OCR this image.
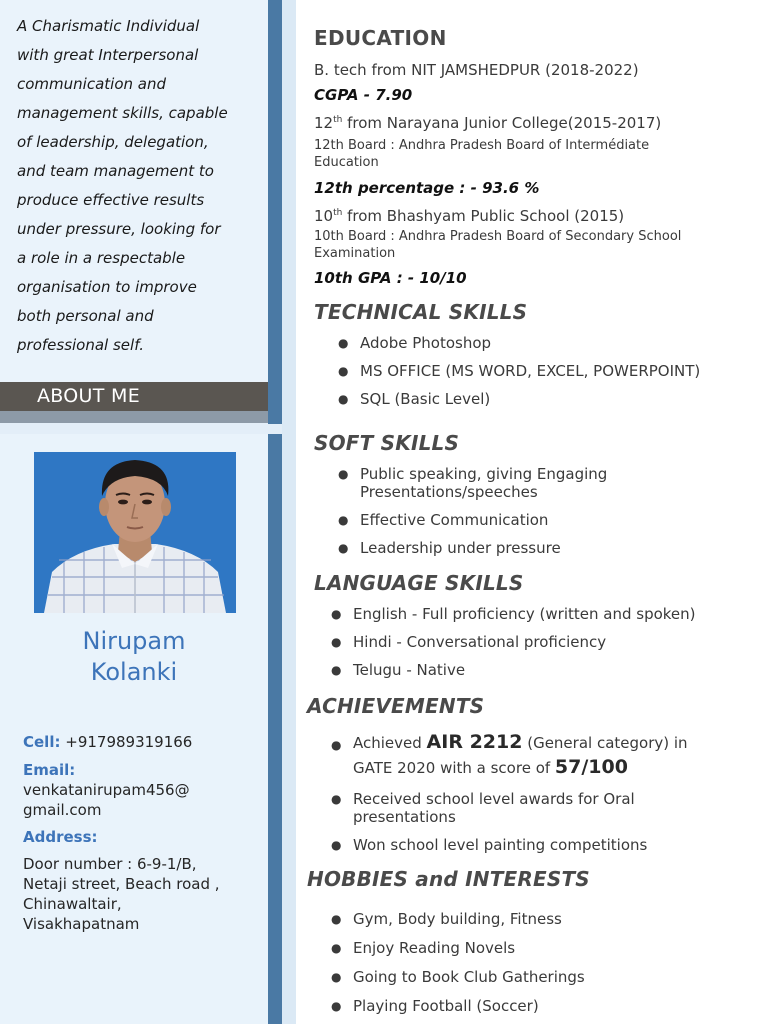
A Charismatic Individual
with great Interpersonal
communication and
management skills, capable
of leadership, delegation,
and team management to
produce effective results
under pressure, looking for
a role in a respectable
organisation to improve
both personal and
professional self.
ABOUT ME
Nirupam
Kolanki
Cell: +917989319166
Email:
venkatanirupam456@
gmail.com
Address:
Door number : 6-9-1/B,
Netaji street, Beach road ,
Chinawaltair,
Visakhapatnam
EDUCATION
B. tech from NIT JAMSHEDPUR (2018-2022)
CGPA - 7.90
12th from Narayana Junior College(2015-2017)
12th Board : Andhra Pradesh Board of Intermédiate
Education
12th percentage : - 93.6 %
10th from Bhashyam Public School (2015)
10th Board : Andhra Pradesh Board of Secondary School
Examination
10th GPA : - 10/10
TECHNICAL SKILLS
● Adobe Photoshop
● MS OFFICE (MS WORD, EXCEL, POWERPOINT)
● SQL (Basic Level)
SOFT SKILLS
● Public speaking, giving Engaging
Presentations/speeches
● Effective Communication
● Leadership under pressure
LANGUAGE SKILLS
● English - Full proficiency (written and spoken)
● Hindi - Conversational proficiency
● Telugu - Native
ACHIEVEMENTS
● Achieved AIR 2212 (General category) in
GATE 2020 with a score of 57/100
● Received school level awards for Oral
presentations
● Won school level painting competitions
HOBBIES and INTERESTS
● Gym, Body building, Fitness
● Enjoy Reading Novels
● Going to Book Club Gatherings
● Playing Football (Soccer)
